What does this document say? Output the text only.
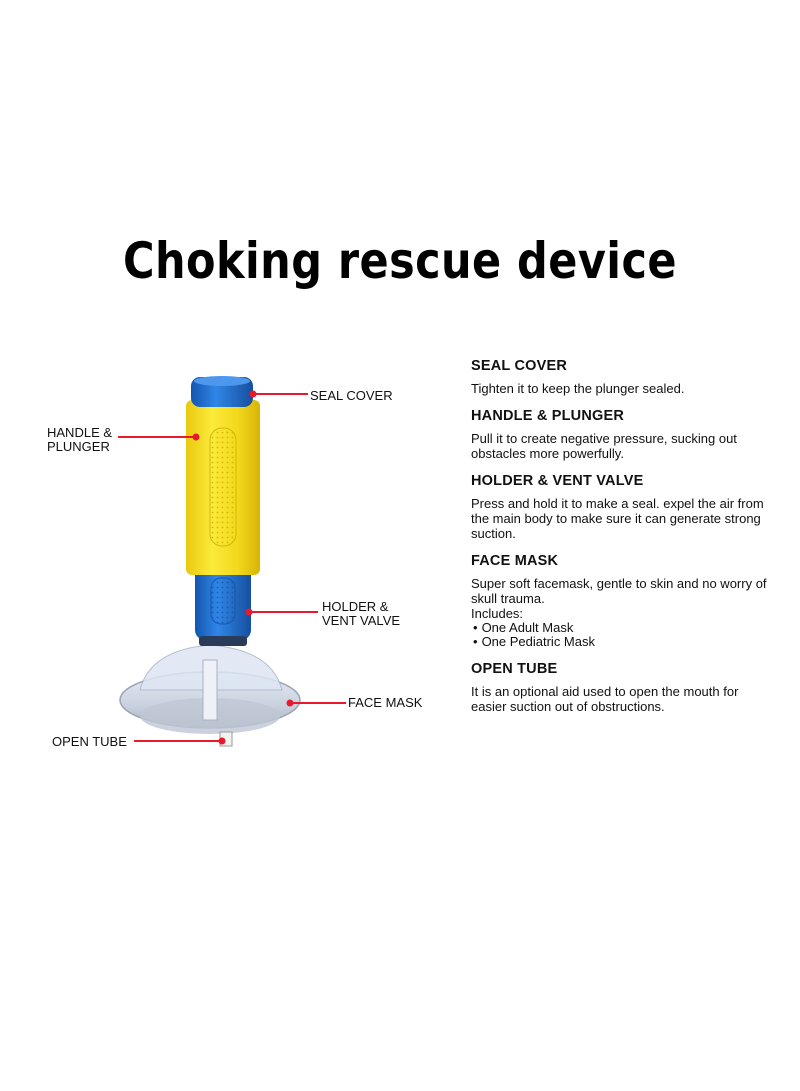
Choking rescue device
SEAL COVER
HANDLE &
PLUNGER
HOLDER &
VENT VALVE
FACE MASK
OPEN TUBE
SEAL COVER

Tighten it to keep the plunger sealed.

HANDLE & PLUNGER

Pull it to create negative pressure, sucking out obstacles more powerfully.

HOLDER & VENT VALVE

Press and hold it to make a seal. expel the air from the main body to make sure it can generate strong suction.

FACE MASK

Super soft facemask, gentle to skin and no worry of skull trauma.

Includes:

• One Adult Mask
• One Pediatric Mask
OPEN TUBE

It is an optional aid used to open the mouth for easier suction out of obstructions.
